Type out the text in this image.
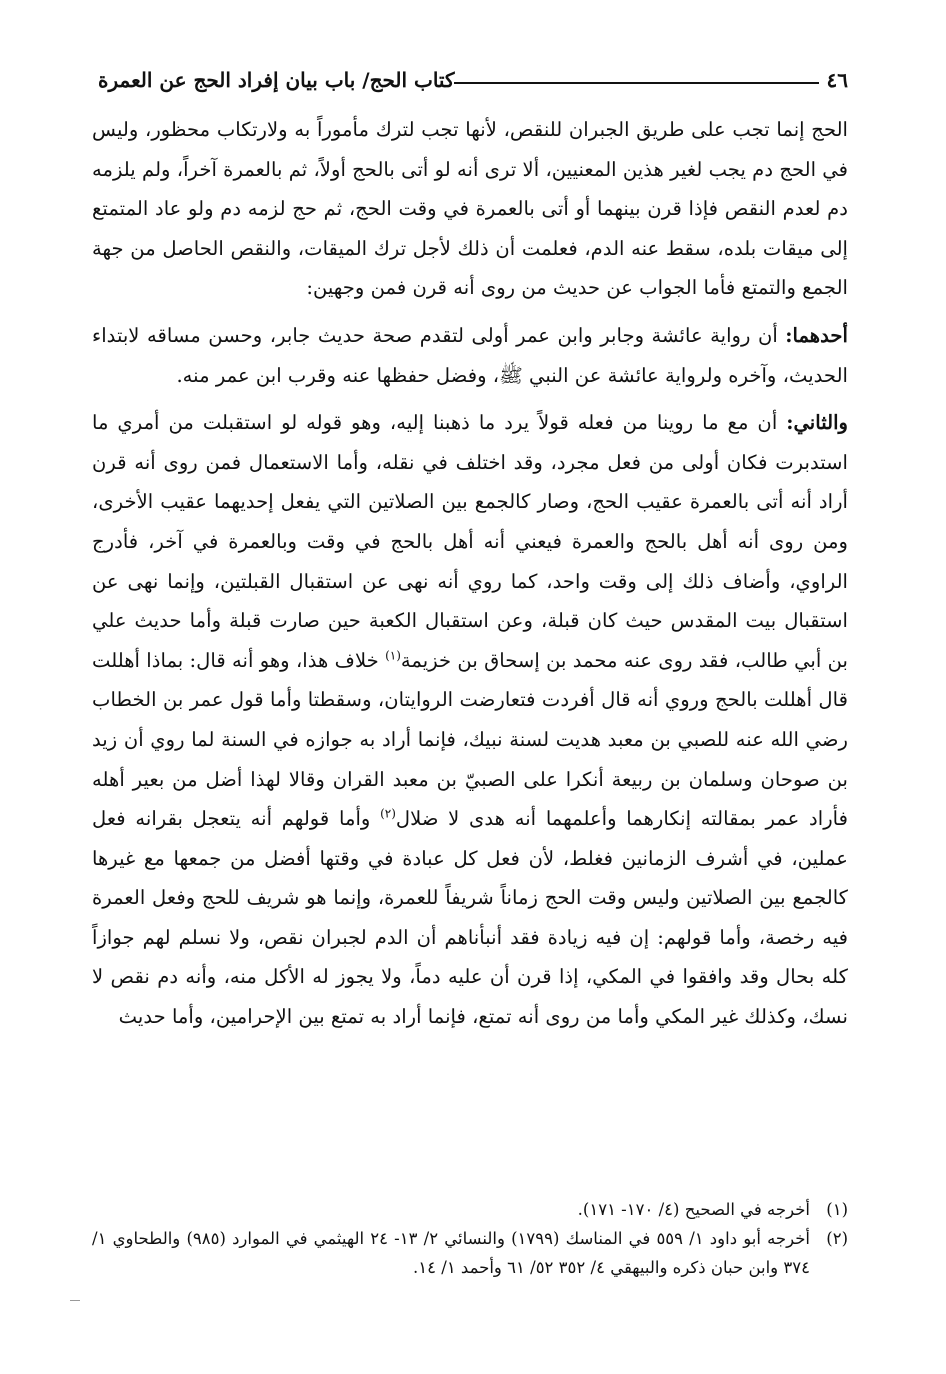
٤٦
كتاب الحج/ باب بيان إفراد الحج عن العمرة

الحج إنما تجب على طريق الجبران للنقص، لأنها تجب لترك مأموراً به ولارتكاب محظور، وليس في الحج دم يجب لغير هذين المعنيين، ألا ترى أنه لو أتى بالحج أولاً، ثم بالعمرة آخراً، ولم يلزمه دم لعدم النقص فإذا قرن بينهما أو أتى بالعمرة في وقت الحج، ثم حج لزمه دم ولو عاد المتمتع إلى ميقات بلده، سقط عنه الدم، فعلمت أن ذلك لأجل ترك الميقات، والنقص الحاصل من جهة الجمع والتمتع فأما الجواب عن حديث من روى أنه قرن فمن وجهين:

أحدهما: أن رواية عائشة وجابر وابن عمر أولى لتقدم صحة حديث جابر، وحسن مساقه لابتداء الحديث، وآخره ولرواية عائشة عن النبي ﷺ، وفضل حفظها عنه وقرب ابن عمر منه.

والثاني: أن مع ما روينا من فعله قولاً يرد ما ذهبنا إليه، وهو قوله لو استقبلت من أمري ما استدبرت فكان أولى من فعل مجرد، وقد اختلف في نقله، وأما الاستعمال فمن روى أنه قرن أراد أنه أتى بالعمرة عقيب الحج، وصار كالجمع بين الصلاتين التي يفعل إحديهما عقيب الأخرى، ومن روى أنه أهل بالحج والعمرة فيعني أنه أهل بالحج في وقت وبالعمرة في آخر، فأدرج الراوي، وأضاف ذلك إلى وقت واحد، كما روي أنه نهى عن استقبال القبلتين، وإنما نهى عن استقبال بيت المقدس حيث كان قبلة، وعن استقبال الكعبة حين صارت قبلة وأما حديث علي بن أبي طالب، فقد روى عنه محمد بن إسحاق بن خزيمة$^{(١)}$ خلاف هذا، وهو أنه قال: بماذا أهللت قال أهللت بالحج وروي أنه قال أفردت فتعارضت الروايتان، وسقطتا وأما قول عمر بن الخطاب رضي الله عنه للصبي بن معبد هديت لسنة نبيك، فإنما أراد به جوازه في السنة لما روي أن زيد بن صوحان وسلمان بن ربيعة أنكرا على الصبيّ بن معبد القران وقالا لهذا أضل من بعير أهله فأراد عمر بمقالته إنكارهما وأعلمهما أنه هدى لا ضلال$^{(٢)}$ وأما قولهم أنه يتعجل بقرانه فعل عملين، في أشرف الزمانين فغلط، لأن فعل كل عبادة في وقتها أفضل من جمعها مع غيرها كالجمع بين الصلاتين وليس وقت الحج زماناً شريفاً للعمرة، وإنما هو شريف للحج وفعل العمرة فيه رخصة، وأما قولهم: إن فيه زيادة فقد أنبأناهم أن الدم لجبران نقص، ولا نسلم لهم جوازاً كله بحال وقد وافقوا في المكي، إذا قرن أن عليه دماً، ولا يجوز له الأكل منه، وأنه دم نقص لا نسك، وكذلك غير المكي وأما من روى أنه تمتع، فإنما أراد به تمتع بين الإحرامين، وأما حديث

(١)
أخرجه في الصحيح (٤/ ١٧٠- ١٧١).
(٢)
أخرجه أبو داود ١/ ٥٥٩ في المناسك (١٧٩٩) والنسائي ٢/ ١٣- ٢٤ الهيثمي في الموارد (٩٨٥) والطحاوي ١/ ٣٧٤ وابن حبان ذكره والبيهقي ٤/ ٣٥٢ ٥٢/ ٦١ وأحمد ١/ ١٤.
